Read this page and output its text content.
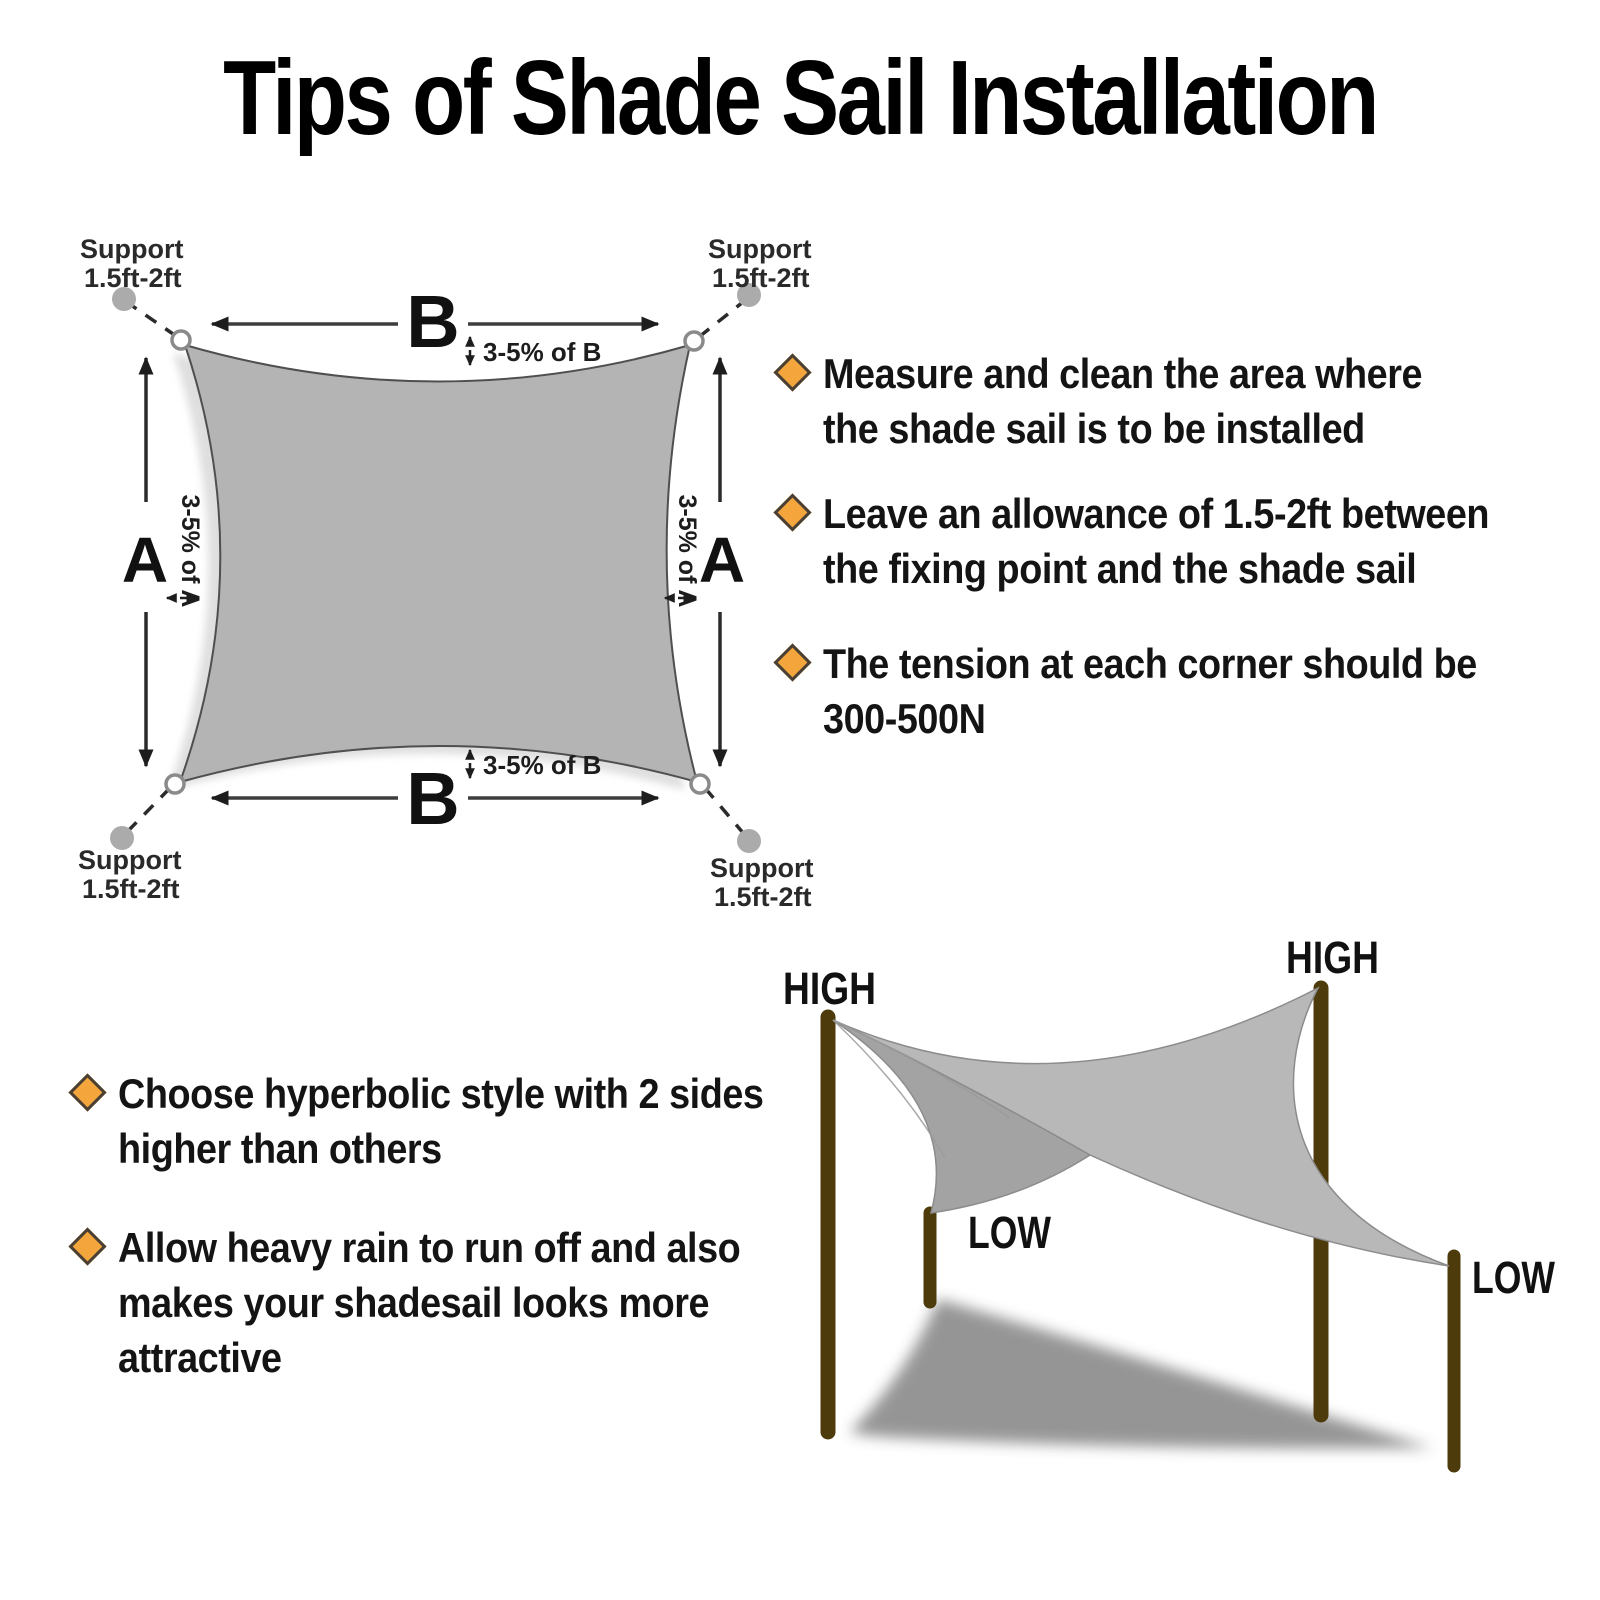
Tips of Shade Sail Installation
B
B
A	A
3-5% of B
3-5% of B
3-5% of A	3-5% of A
Support
1.5ft-2ft
Support
1.5ft-2ft
Support
1.5ft-2ft
Support
1.5ft-2ft
HIGH
HIGH
LOW
LOW
Measure and clean the area where
the shade sail is to be installed
Leave an allowance of 1.5-2ft between
the fixing point and the shade sail
The tension at each corner should be
300-500N
Choose hyperbolic style with 2 sides
higher than others
Allow heavy rain to run off and also
makes your shadesail looks more
attractive
